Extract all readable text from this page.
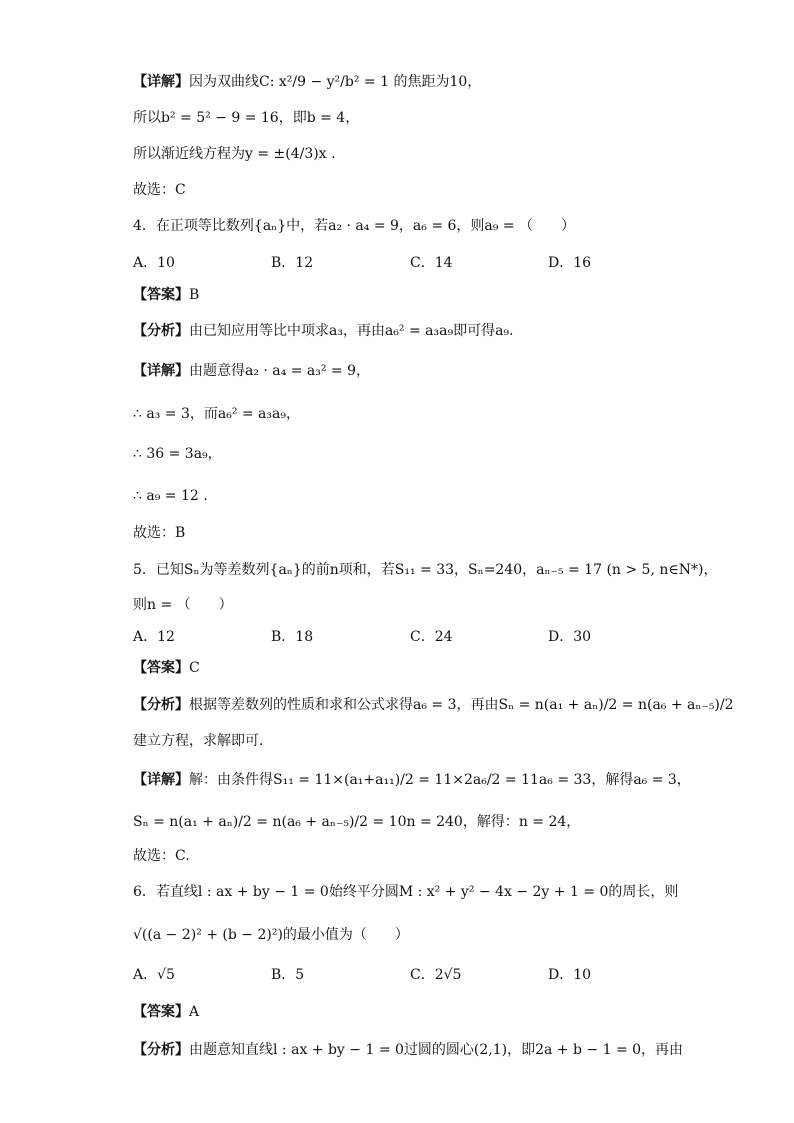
【详解】因为双曲线C: x²/9 − y²/b² = 1 的焦距为10，
所以b² = 5² − 9 = 16，即b = 4，
所以渐近线方程为y = ±(4/3)x .
故选：C
4．在正项等比数列{aₙ}中，若a₂ · a₄ = 9，a₆ = 6，则a₉ = （　　）
A．10	B．12	C．14	D．16
【答案】B
【分析】由已知应用等比中项求a₃，再由a₆² = a₃a₉即可得a₉.
【详解】由题意得a₂ · a₄ = a₃² = 9，
∴ a₃ = 3，而a₆² = a₃a₉，
∴ 36 = 3a₉，
∴ a₉ = 12 .
故选：B
5．已知Sₙ为等差数列{aₙ}的前n项和，若S₁₁ = 33，Sₙ=240，aₙ₋₅ = 17 (n > 5, n∈N*)，
则n = （　　）
A．12	B．18	C．24	D．30
【答案】C
【分析】根据等差数列的性质和求和公式求得a₆ = 3，再由Sₙ = n(a₁ + aₙ)/2 = n(a₆ + aₙ₋₅)/2
建立方程，求解即可.
【详解】解：由条件得S₁₁ = 11×(a₁+a₁₁)/2 = 11×2a₆/2 = 11a₆ = 33，解得a₆ = 3，
Sₙ = n(a₁ + aₙ)/2 = n(a₆ + aₙ₋₅)/2 = 10n = 240，解得：n = 24，
故选：C.
6．若直线l : ax + by − 1 = 0始终平分圆M : x² + y² − 4x − 2y + 1 = 0的周长，则
√((a − 2)² + (b − 2)²)的最小值为（　　）
A．√5	B．5	C．2√5	D．10
【答案】A
【分析】由题意知直线l : ax + by − 1 = 0过圆的圆心(2,1)，即2a + b − 1 = 0，再由
